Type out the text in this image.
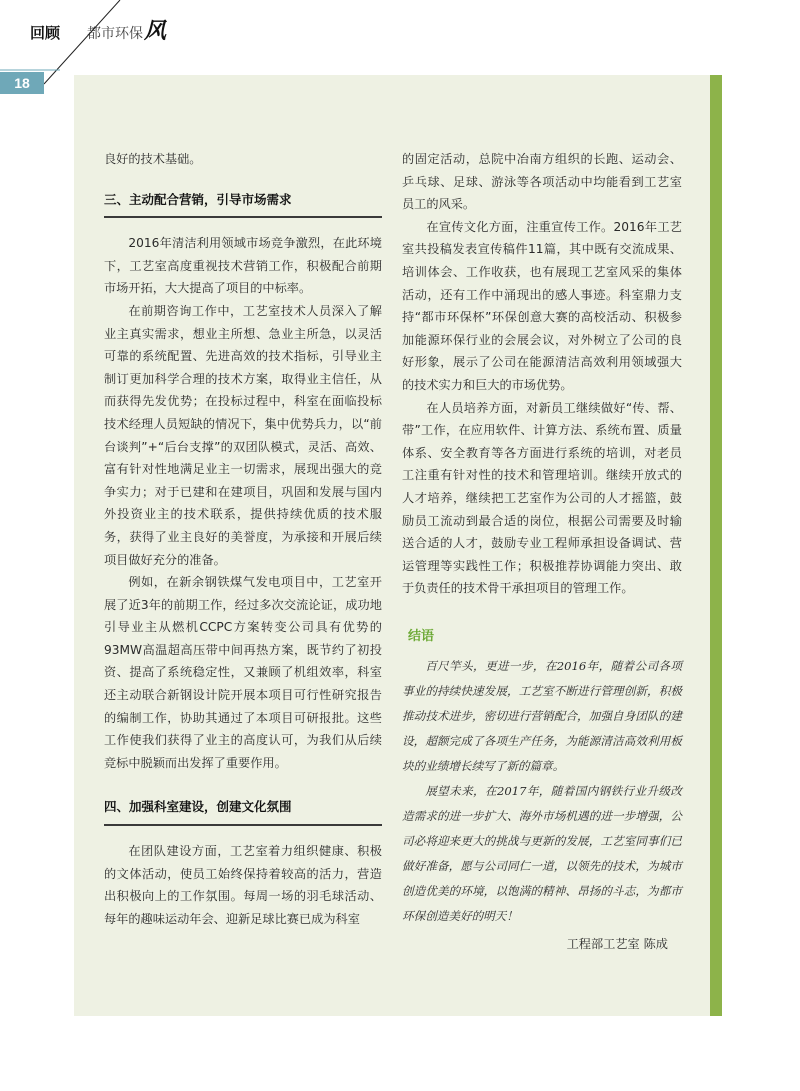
回顾 都市环保 风
18

良好的技术基础。

三、主动配合营销，引导市场需求

2016年清洁利用领域市场竞争激烈，在此环境下，工艺室高度重视技术营销工作，积极配合前期市场开拓，大大提高了项目的中标率。

在前期咨询工作中，工艺室技术人员深入了解业主真实需求，想业主所想、急业主所急，以灵活可靠的系统配置、先进高效的技术指标，引导业主制订更加科学合理的技术方案，取得业主信任，从而获得先发优势；在投标过程中，科室在面临投标技术经理人员短缺的情况下，集中优势兵力，以“前台谈判”+“后台支撑”的双团队模式，灵活、高效、富有针对性地满足业主一切需求，展现出强大的竞争实力；对于已建和在建项目，巩固和发展与国内外投资业主的技术联系，提供持续优质的技术服务，获得了业主良好的美誉度，为承接和开展后续项目做好充分的准备。

例如，在新余钢铁煤气发电项目中，工艺室开展了近3年的前期工作，经过多次交流论证，成功地引导业主从燃机CCPC方案转变公司具有优势的93MW高温超高压带中间再热方案，既节约了初投资、提高了系统稳定性，又兼顾了机组效率，科室还主动联合新钢设计院开展本项目可行性研究报告的编制工作，协助其通过了本项目可研报批。这些工作使我们获得了业主的高度认可，为我们从后续竞标中脱颖而出发挥了重要作用。

四、加强科室建设，创建文化氛围

在团队建设方面，工艺室着力组织健康、积极的文体活动，使员工始终保持着较高的活力，营造出积极向上的工作氛围。每周一场的羽毛球活动、每年的趣味运动年会、迎新足球比赛已成为科室

的固定活动，总院中冶南方组织的长跑、运动会、乒乓球、足球、游泳等各项活动中均能看到工艺室员工的风采。

在宣传文化方面，注重宣传工作。2016年工艺室共投稿发表宣传稿件11篇，其中既有交流成果、培训体会、工作收获，也有展现工艺室风采的集体活动，还有工作中涌现出的感人事迹。科室鼎力支持“都市环保杯”环保创意大赛的高校活动、积极参加能源环保行业的会展会议，对外树立了公司的良好形象，展示了公司在能源清洁高效利用领域强大的技术实力和巨大的市场优势。

在人员培养方面，对新员工继续做好“传、帮、带”工作，在应用软件、计算方法、系统布置、质量体系、安全教育等各方面进行系统的培训，对老员工注重有针对性的技术和管理培训。继续开放式的人才培养，继续把工艺室作为公司的人才摇篮，鼓励员工流动到最合适的岗位，根据公司需要及时输送合适的人才，鼓励专业工程师承担设备调试、营运管理等实践性工作；积极推荐协调能力突出、敢于负责任的技术骨干承担项目的管理工作。

结语

百尺竿头，更进一步，在2016年，随着公司各项事业的持续快速发展，工艺室不断进行管理创新，积极推动技术进步，密切进行营销配合，加强自身团队的建设，超额完成了各项生产任务，为能源清洁高效利用板块的业绩增长续写了新的篇章。

展望未来，在2017年，随着国内钢铁行业升级改造需求的进一步扩大、海外市场机遇的进一步增强，公司必将迎来更大的挑战与更新的发展，工艺室同事们已做好准备，愿与公司同仁一道，以领先的技术，为城市创造优美的环境，以饱满的精神、昂扬的斗志，为都市环保创造美好的明天！

工程部工艺室 陈成
